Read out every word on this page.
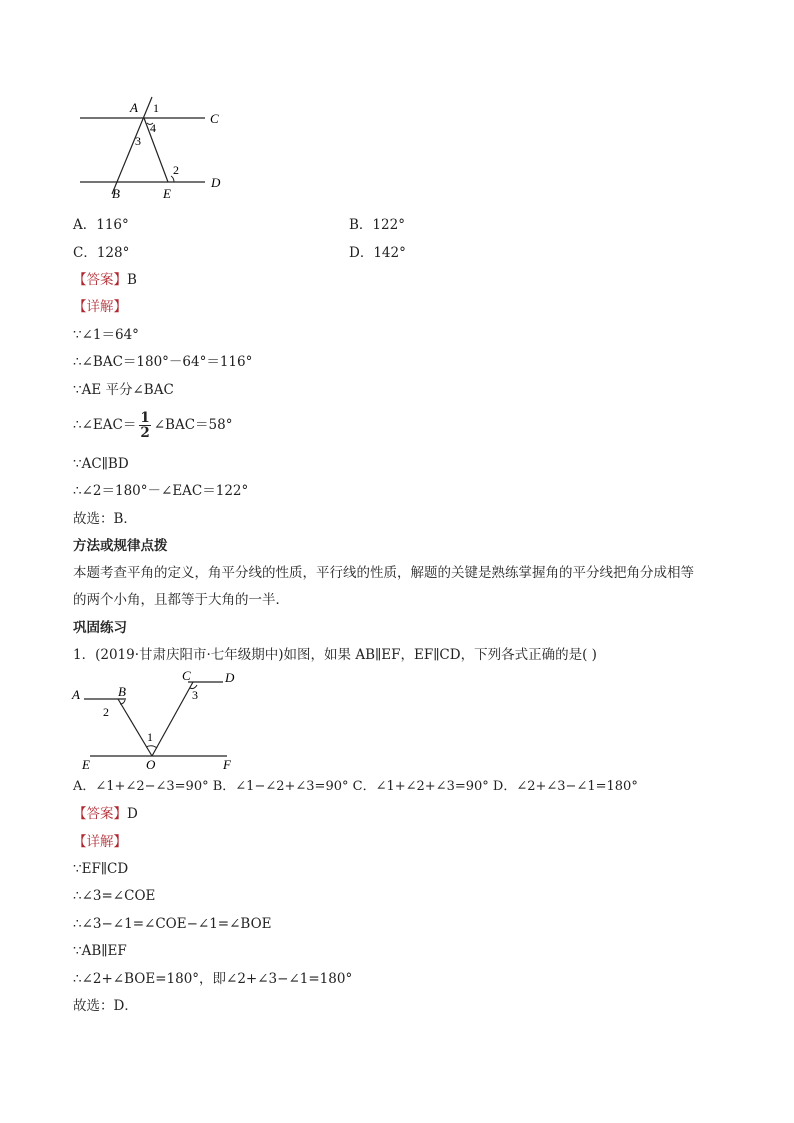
A 1
4
C
3
2
B	E
D
A．116°	B．122°
C．128°	D．142°
【答案】B
【详解】
∵∠1＝64°
∴∠BAC＝180°－64°＝116°
∵AE 平分∠BAC
∴∠EAC＝ $\frac{1}{2}$ ∠BAC＝58°
∵AC∥BD
∴∠2＝180°－∠EAC＝122°
故选：B．
方法或规律点拨
本题考查平角的定义，角平分线的性质，平行线的性质，解题的关键是熟练掌握角的平分线把角分成相等
的两个小角，且都等于大角的一半．
巩固练习
1．(2019·甘肃庆阳市·七年级期中)如图，如果 AB∥EF，EF∥CD，下列各式正确的是( )
A	B
C	D
2
3
1
E	O	F
A．∠1+∠2−∠3=90° B．∠1−∠2+∠3=90° C．∠1+∠2+∠3=90° D．∠2+∠3−∠1=180°
【答案】D
【详解】
∵EF∥CD
∴∠3=∠COE
∴∠3−∠1=∠COE−∠1=∠BOE
∵AB∥EF
∴∠2+∠BOE=180°，即∠2+∠3−∠1=180°
故选：D．
